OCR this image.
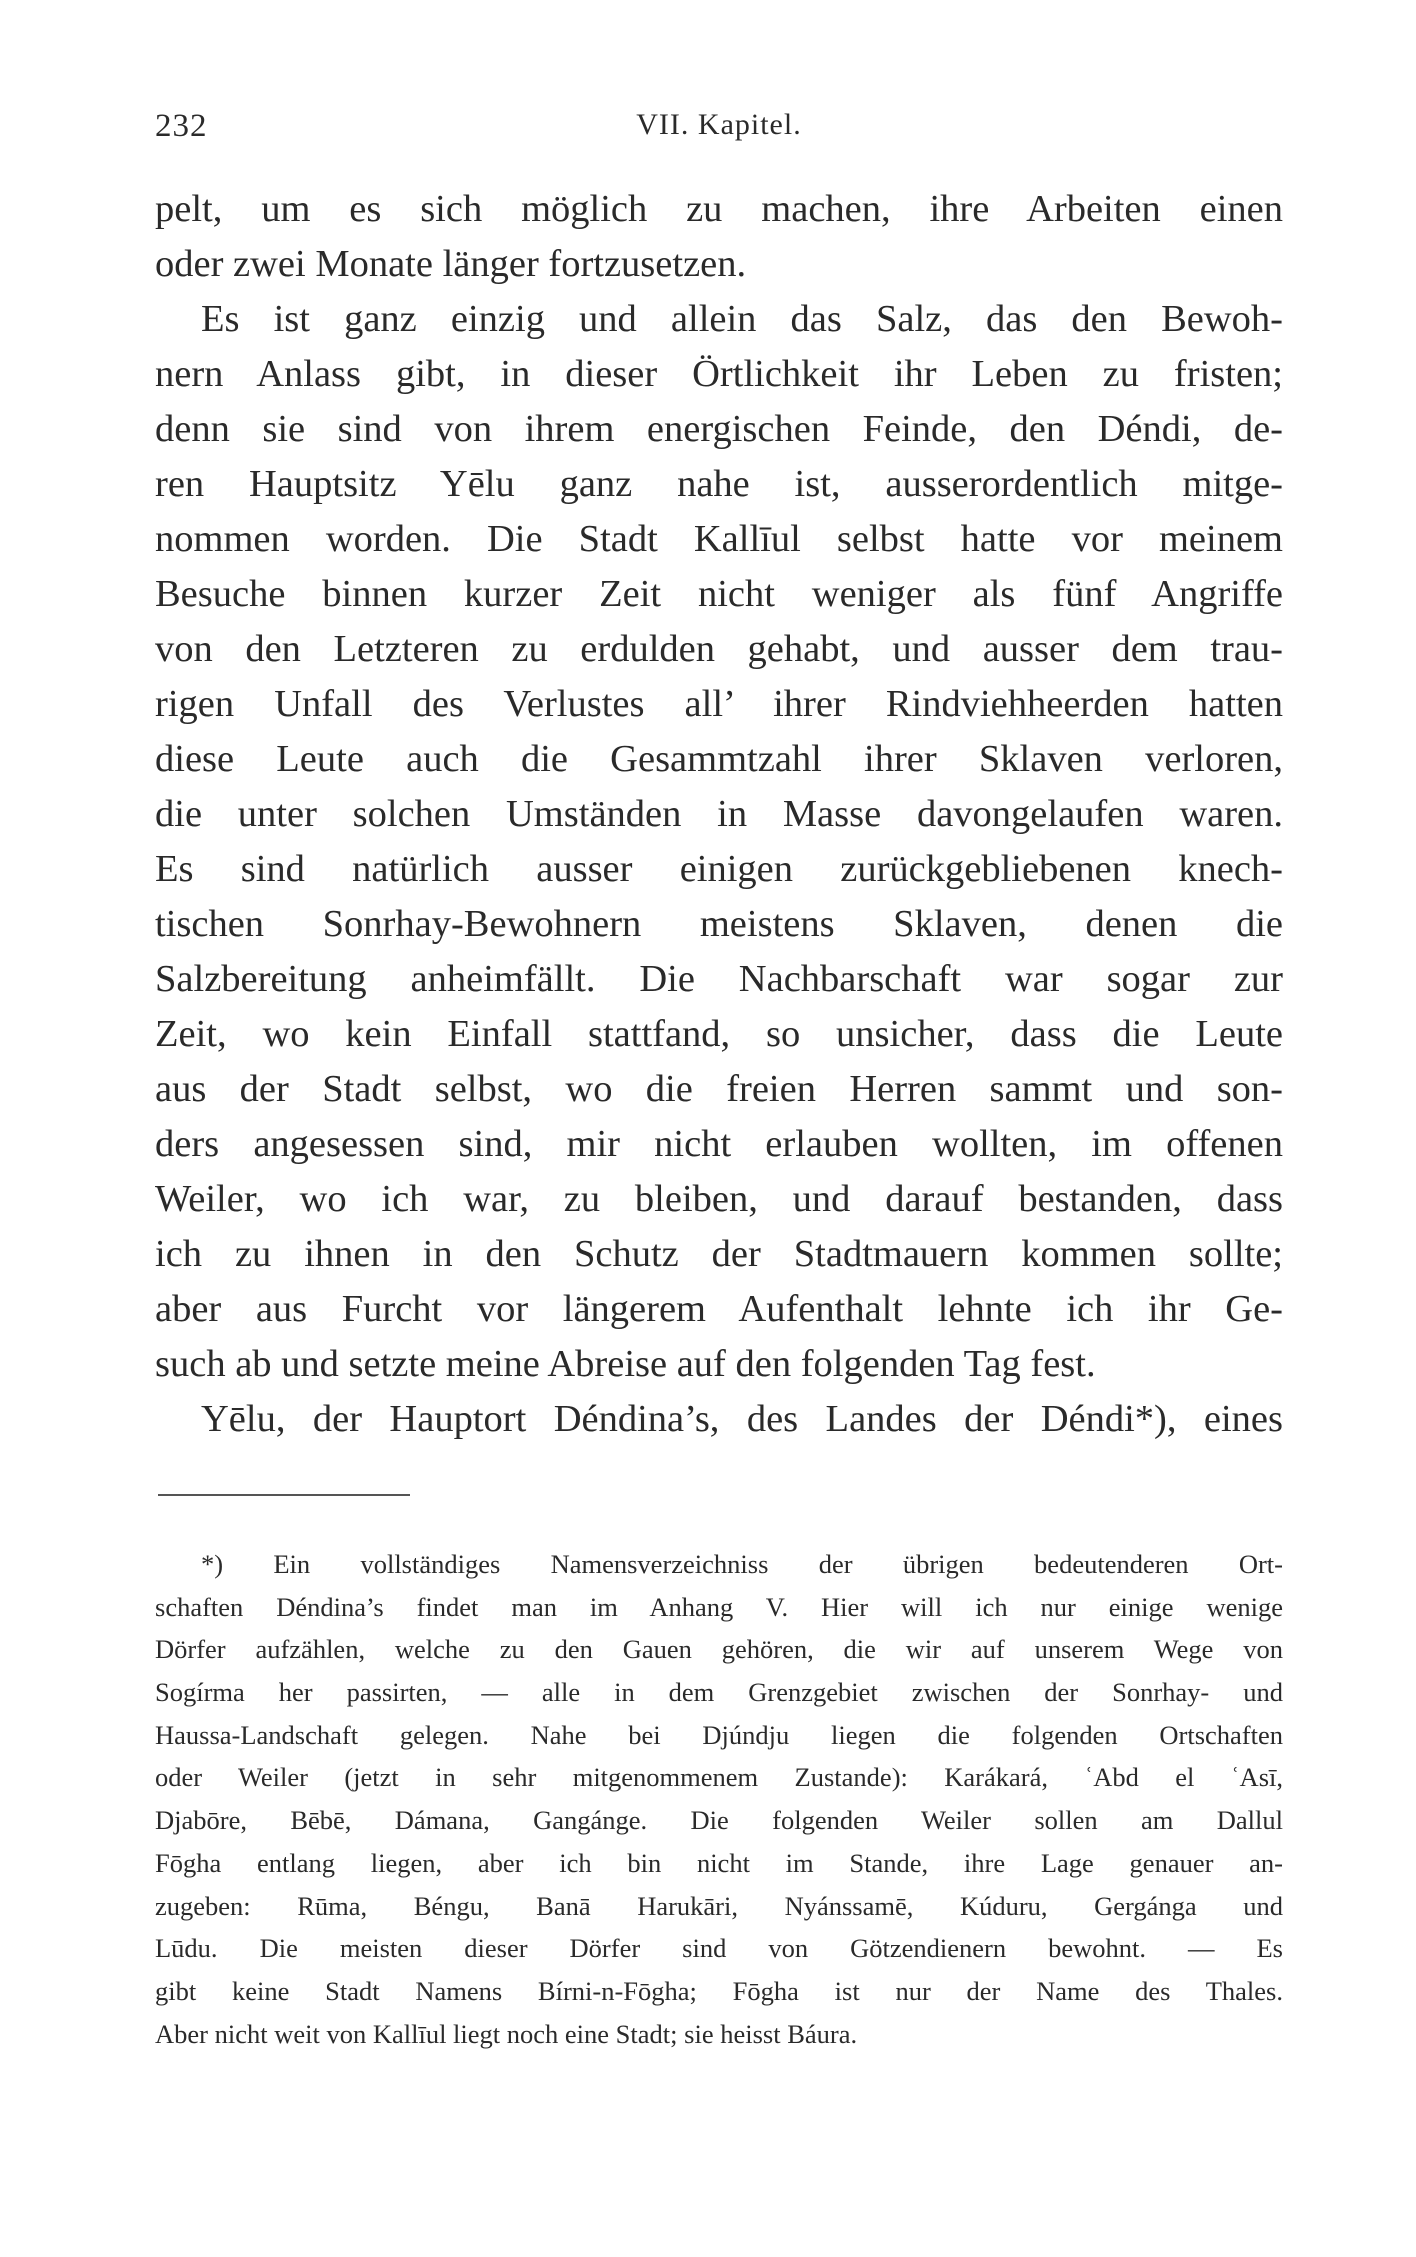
232	VII. Kapitel.
pelt, um es sich möglich zu machen, ihre Arbeiten einen
oder zwei Monate länger fortzusetzen.
Es ist ganz einzig und allein das Salz, das den Bewoh-
nern Anlass gibt, in dieser Örtlichkeit ihr Leben zu fristen;
denn sie sind von ihrem energischen Feinde, den Déndi, de-
ren Hauptsitz Yēlu ganz nahe ist, ausserordentlich mitge-
nommen worden. Die Stadt Kallīul selbst hatte vor meinem
Besuche binnen kurzer Zeit nicht weniger als fünf Angriffe
von den Letzteren zu erdulden gehabt, und ausser dem trau-
rigen Unfall des Verlustes all’ ihrer Rindviehheerden hatten
diese Leute auch die Gesammtzahl ihrer Sklaven verloren,
die unter solchen Umständen in Masse davongelaufen waren.
Es sind natürlich ausser einigen zurückgebliebenen knech-
tischen Sonrhay-Bewohnern meistens Sklaven, denen die
Salzbereitung anheimfällt. Die Nachbarschaft war sogar zur
Zeit, wo kein Einfall stattfand, so unsicher, dass die Leute
aus der Stadt selbst, wo die freien Herren sammt und son-
ders angesessen sind, mir nicht erlauben wollten, im offenen
Weiler, wo ich war, zu bleiben, und darauf bestanden, dass
ich zu ihnen in den Schutz der Stadtmauern kommen sollte;
aber aus Furcht vor längerem Aufenthalt lehnte ich ihr Ge-
such ab und setzte meine Abreise auf den folgenden Tag fest.
Yēlu, der Hauptort Déndina’s, des Landes der Déndi*), eines
*) Ein vollständiges Namensverzeichniss der übrigen bedeutenderen Ort-
schaften Déndina’s findet man im Anhang V. Hier will ich nur einige wenige
Dörfer aufzählen, welche zu den Gauen gehören, die wir auf unserem Wege von
Sogírma her passirten, — alle in dem Grenzgebiet zwischen der Sonrhay- und
Haussa-Landschaft gelegen. Nahe bei Djúndju liegen die folgenden Ortschaften
oder Weiler (jetzt in sehr mitgenommenem Zustande): Karákará, ʿAbd el ʿAsī,
Djabōre, Bēbē, Dámana, Gangánge. Die folgenden Weiler sollen am Dallul
Fōgha entlang liegen, aber ich bin nicht im Stande, ihre Lage genauer an-
zugeben: Rūma, Béngu, Banā Harukāri, Nyánssamē, Kúduru, Gergánga und
Lūdu. Die meisten dieser Dörfer sind von Götzendienern bewohnt. — Es
gibt keine Stadt Namens Bírni-n-Fōgha; Fōgha ist nur der Name des Thales.
Aber nicht weit von Kallīul liegt noch eine Stadt; sie heisst Báura.
